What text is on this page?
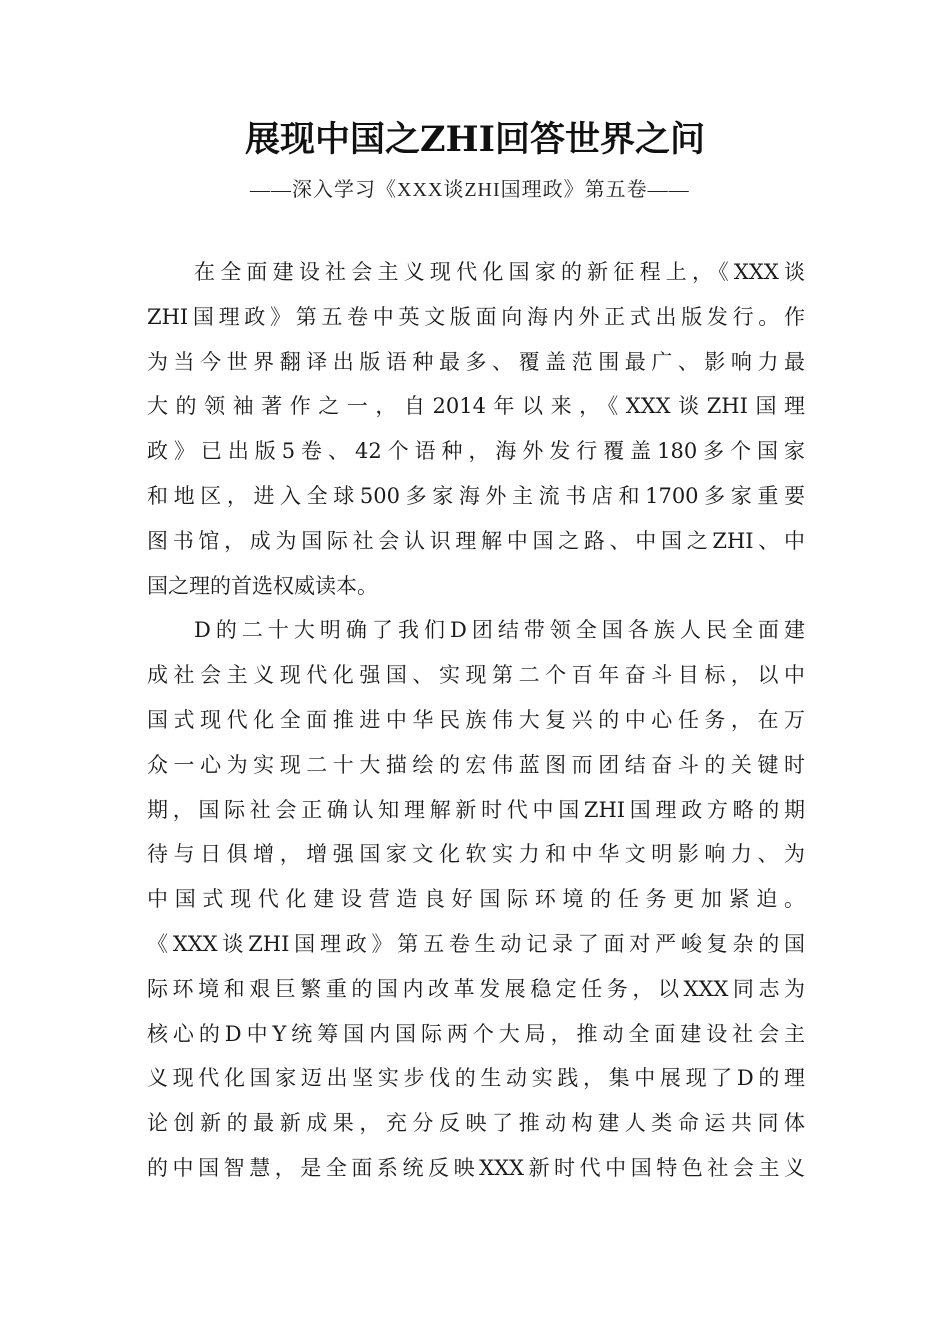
展现中国之ZHI回答世界之问
——深入学习《XXX谈ZHI国理政》第五卷——
在全面建设社会主义现代化国家的新征程上，《XXX谈
ZHI国理政》第五卷中英文版面向海内外正式出版发行。作
为当今世界翻译出版语种最多、覆盖范围最广、影响力最
大的领袖著作之一，自2014年以来，《XXX谈ZHI国理
政》已出版5卷、42个语种，海外发行覆盖180多个国家
和地区，进入全球500多家海外主流书店和1700多家重要
图书馆，成为国际社会认识理解中国之路、中国之ZHI、中
国之理的首选权威读本。
D的二十大明确了我们D团结带领全国各族人民全面建
成社会主义现代化强国、实现第二个百年奋斗目标，以中
国式现代化全面推进中华民族伟大复兴的中心任务，在万
众一心为实现二十大描绘的宏伟蓝图而团结奋斗的关键时
期，国际社会正确认知理解新时代中国ZHI国理政方略的期
待与日俱增，增强国家文化软实力和中华文明影响力、为
中国式现代化建设营造良好国际环境的任务更加紧迫。
《XXX谈ZHI国理政》第五卷生动记录了面对严峻复杂的国
际环境和艰巨繁重的国内改革发展稳定任务，以XXX同志为
核心的D中Y统筹国内国际两个大局，推动全面建设社会主
义现代化国家迈出坚实步伐的生动实践，集中展现了D的理
论创新的最新成果，充分反映了推动构建人类命运共同体
的中国智慧，是全面系统反映XXX新时代中国特色社会主义
